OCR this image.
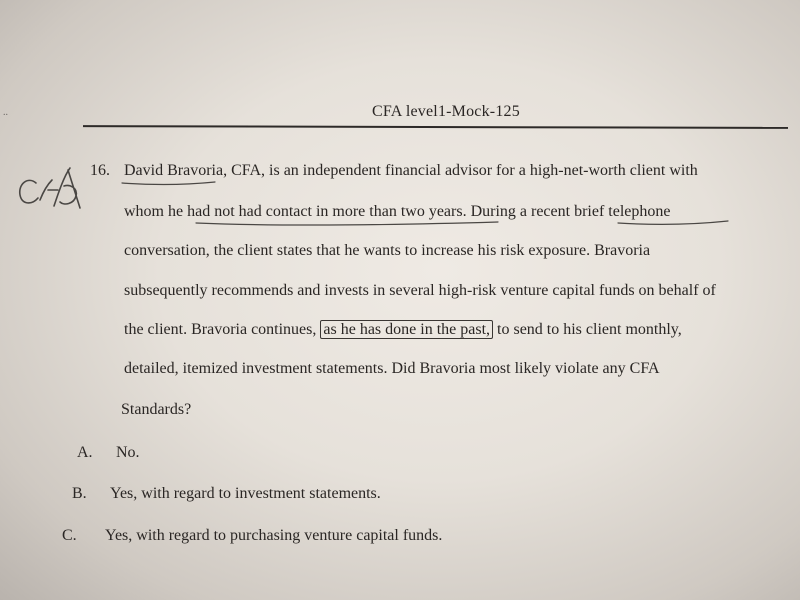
..	CFA level1-Mock-125
16. David Bravoria, CFA, is an independent financial advisor for a high-net-worth client with
whom he had not had contact in more than two years. During a recent brief telephone
conversation, the client states that he wants to increase his risk exposure. Bravoria
subsequently recommends and invests in several high-risk venture capital funds on behalf of
the client. Bravoria continues, as he has done in the past, to send to his client monthly,
detailed, itemized investment statements. Did Bravoria most likely violate any CFA
Standards?
A. No.
B. Yes, with regard to investment statements.
C. Yes, with regard to purchasing venture capital funds.
